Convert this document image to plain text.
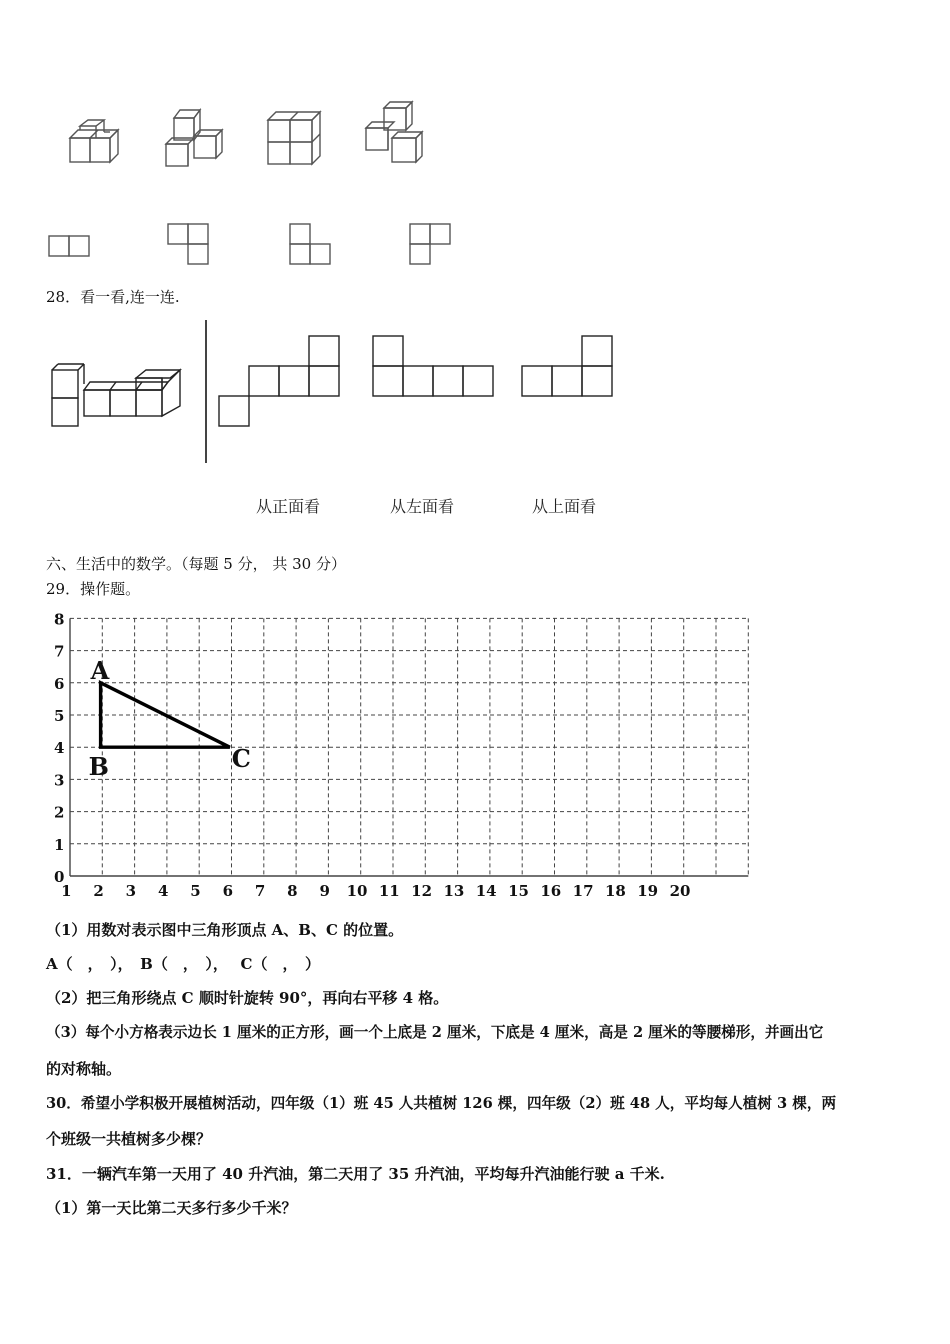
28．看一看,连一连.
从正面看	从左面看	从上面看
六、生活中的数学。（每题 5 分， 共 30 分）
29．操作题。
0
1
2
3
4
5
6
7
8
1 2 3 4 5 6 7 8 9 10 11 12 13 14 15 16 17 18 19 20
A
B	C
（1）用数对表示图中三角形顶点 A、B、C 的位置。
A（　，　），　B（　，　），　 C（　，　）
（2）把三角形绕点 C 顺时针旋转 90°，再向右平移 4 格。
（3）每个小方格表示边长 1 厘米的正方形，画一个上底是 2 厘米，下底是 4 厘米，高是 2 厘米的等腰梯形，并画出它
的对称轴。
30．希望小学积极开展植树活动，四年级（1）班 45 人共植树 126 棵，四年级（2）班 48 人，平均每人植树 3 棵，两
个班级一共植树多少棵？
31．一辆汽车第一天用了 40 升汽油，第二天用了 35 升汽油，平均每升汽油能行驶 a 千米.
（1）第一天比第二天多行多少千米？
